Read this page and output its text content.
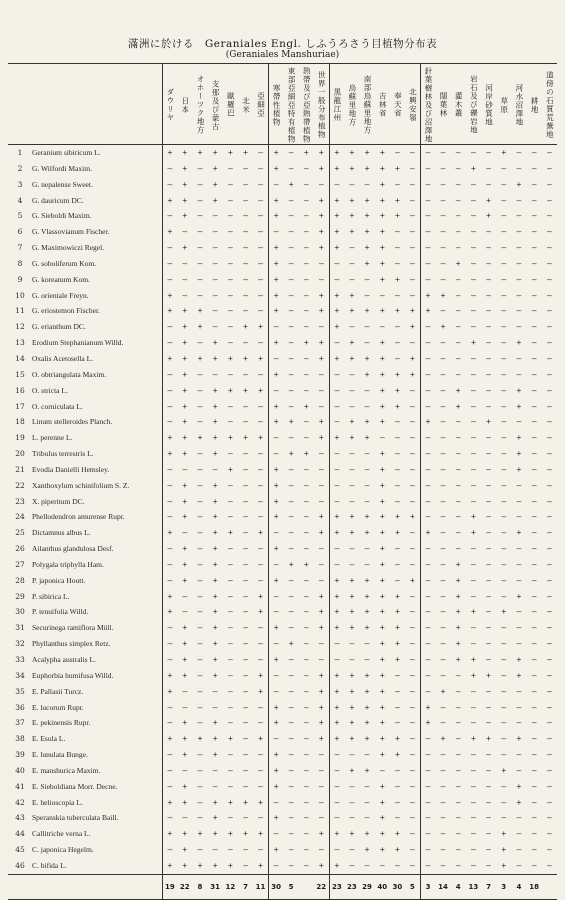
滿洲に於ける　Geraniales Engl. しふうろさう目植物分布表
(Geraniales Manshuriae)

		ダウリヤ	日本	オホーツク地方	支那及び蒙古	歐羅巴	北米	亞細亞	寒帶性植物	東部亞細亞特有植物	熱帶及び亞熱帶植物	世界一般分布植物	黑龍江州	烏蘇里地方	南部烏蘇里地方	吉林省	奉天省	北興安嶺	針葉樹林及び沼澤地	闊葉林	灌木叢	岩石及び礫岩地	河岸砂質地	草原	河水沼澤地	耕地	道傍の石質荒蕪地

1	Geranium sibiricum L.	+	+	+	+	+	+	–	+	–	+	+	+	+	+	+	–	–	–	–	–	–	–	+	–	–	–
2	G. Wilfordi Maxim.	–	+	–	+	–	–	–	+	–	–	+	+	+	+	+	+	–	–	–	–	+	–	–	–	–	–
3	G. nepalense Sweet.	–	+	–	+	–	–	–	–	+	–	–	–	–	–	+	–	–	–	–	–	–	–	–	+	–	–
4	G. dauricum DC.	+	+	–	+	–	–	–	+	–	–	+	+	+	+	+	+	–	–	–	–	–	+	–	–	–	–
5	G. Sieboldi Maxim.	–	+	–	–	–	–	–	+	–	–	+	+	+	+	+	+	–	–	–	–	–	+	–	–	–	–
6	G. Vlassovianum Fischer.	+	–	–	–	–	–	–	–	–	–	+	+	+	+	+	–	–	–	–	–	–	–	–	–	–	–
7	G. Maximowiczi Regel.	–	+	–	–	–	–	–	+	–	–	+	+	–	+	+	–	–	–	–	–	–	–	–	–	–	–
8	G. soboliferum Kom.	–	–	–	–	–	–	–	+	–	–	–	–	–	+	+	–	–	–	–	+	–	–	–	–	–	–
9	G. koreanum Kom.	–	–	–	–	–	–	–	+	–	–	–	–	–	–	+	+	–	–	–	–	–	–	–	–	–	–
10	G. orientale Freyn.	+	–	–	–	–	–	–	+	–	–	+	+	+	–	–	–	–	+	+	–	–	–	–	–	–	–
11	G. eriostemon Fischer.	+	+	+	–	–	–	–	+	–	–	+	+	+	+	+	+	+	+	–	–	–	–	–	–	–	–
12	G. erianthum DC.	–	+	+	–	–	+	+	–	–	–	–	+	–	–	–	–	+	–	+	–	–	–	–	–	–	–
13	Erodium Stephanianum Willd.	–	+	–	+	–	–	–	+	–	+	+	–	+	–	+	–	–	–	–	–	+	–	–	+	–	–
14	Oxalis Acetosella L.	+	+	+	+	+	+	+	–	–	–	+	+	+	+	+	–	+	–	–	–	–	–	–	–	–	–
15	O. obtriangulata Maxim.	–	+	–	–	–	–	–	+	–	–	–	–	–	+	+	+	+	–	–	–	–	–	–	–	–	–
16	O. stricta L.	–	+	–	+	+	+	+	–	–	–	–	–	–	–	+	+	–	–	–	+	–	–	–	+	–	–
17	O. corniculata L.	–	+	–	+	–	–	–	+	–	+	–	–	–	–	+	+	–	–	–	+	–	–	–	+	–	–
18	Linum stelleroides Planch.	–	+	–	+	–	–	–	+	+	–	+	–	+	+	+	–	–	+	–	–	–	+	–	–	–	–
19	L. perenne L.	+	+	+	+	+	+	+	–	–	–	+	+	+	+	–	–	–	–	–	–	–	–	–	+	–	–
20	Tribulus terrestris L.	+	+	–	+	–	–	–	–	+	+	–	–	–	–	+	–	–	–	–	–	–	–	–	+	–	–
21	Evodia Danielli Hemsley.	–	–	–	–	+	–	–	+	–	–	–	–	–	–	+	–	–	–	–	–	–	–	–	+	–	–
22	Xanthoxylum schinifolium S. Z.	–	+	–	+	–	–	–	+	–	–	–	–	–	–	+	–	–	–	–	–	–	–	–	–	–	–
23	X. piperitum DC.	–	+	–	+	–	–	–	+	–	–	–	–	–	–	+	–	–	–	–	–	–	–	–	–	–	–
24	Phellodendron amurense Rupr.	–	+	–	+	–	–	–	+	–	–	+	+	+	+	+	+	+	–	–	–	+	–	–	–	–	–
25	Dictamnus albus L.	+	–	–	+	+	–	+	–	–	–	+	+	+	+	+	+	–	+	–	–	+	–	–	+	–	–
26	Ailanthus glandulosa Desf.	–	+	–	+	–	–	–	+	–	–	–	–	–	–	+	–	–	–	–	–	–	–	–	–	–	–
27	Polygala triphylla Ham.	–	+	–	+	–	–	–	–	+	+	–	–	–	–	+	–	–	–	–	+	–	–	–	–	–	–
28	P. japonica Houtt.	–	+	–	+	–	–	–	+	–	–	–	+	+	+	+	–	+	–	–	+	–	–	–	–	–	–
29	P. sibirica L.	+	–	–	+	–	–	+	–	–	–	+	+	+	+	+	+	–	–	–	+	–	–	–	+	–	–
30	P. tenuifolia Willd.	+	–	–	+	–	–	+	–	–	–	+	+	+	+	+	+	–	–	–	+	+	–	+	–	–	–
31	Securinega ramiflora Müll.	–	+	–	+	–	–	–	+	–	–	+	+	+	+	+	+	–	–	–	+	–	–	–	–	–	–
32	Phyllanthus simplex Retz.	–	+	–	+	–	–	–	–	+	–	–	–	–	–	+	+	–	–	–	+	–	–	–	–	–	–
33	Acalypha australis L.	–	+	–	+	–	–	–	+	–	–	–	–	–	–	+	+	–	–	–	+	+	–	–	+	–	–
34	Euphorbia humifusa Willd.	+	+	–	+	–	–	+	–	–	–	+	+	+	+	+	–	–	–	–	–	+	+	–	+	–	–
35	E. Pallasii Turcz.	+	–	–	–	–	–	+	–	–	–	+	+	+	+	+	–	–	–	+	–	–	–	–	–	–	–
36	E. lucorum Rupr.	–	–	–	–	–	–	–	+	–	–	+	+	+	+	+	–	–	+	–	–	–	–	–	–	–	–
37	E. pekinensis Rupr.	–	+	–	+	–	–	–	+	–	–	+	+	+	+	+	–	–	+	–	–	–	–	–	–	–	–
38	E. Esula L.	+	+	+	+	+	–	+	–	–	–	+	+	+	+	+	+	–	–	+	–	+	+	–	+	–	–
39	E. lunulata Bunge.	–	+	–	+	–	–	–	+	–	–	–	–	–	–	+	+	–	–	–	–	–	–	–	–	–	–
40	E. manshurica Maxim.	–	–	–	–	–	–	–	+	–	–	–	–	+	+	–	–	–	–	–	–	–	–	+	–	–	–
41	E. Sieboldiana Morr. Decne.	–	+	–	–	–	–	–	+	–	–	–	–	–	–	+	–	–	–	–	–	–	–	–	+	–	–
42	E. helioscopia L.	+	+	–	+	+	+	+	–	–	–	–	–	–	–	+	–	–	–	–	–	–	–	–	+	–	–
43	Speranskia tuberculata Baill.	–	–	–	+	–	–	–	+	–	–	–	–	–	–	+	–	–	–	–	–	–	–	–	–	–	–
44	Callitriche verna L.	+	+	+	+	+	+	+	–	–	–	+	+	+	+	+	+	–	–	–	–	–	–	+	–	–	–
45	C. japonica Hegelm.	–	+	–	–	–	–	–	+	–	–	–	–	–	+	+	+	–	–	–	–	–	–	+	–	–	–
46	C. bifida L.	+	+	+	+	+	–	+	–	–	–	+	+	–	–	–	–	–	–	–	–	–	–	+	–	–	–
		19	22	8	31	12	7	11	30	5		22	23	23	29	40	30	5	3	14	4	13	7	3	4	18	
